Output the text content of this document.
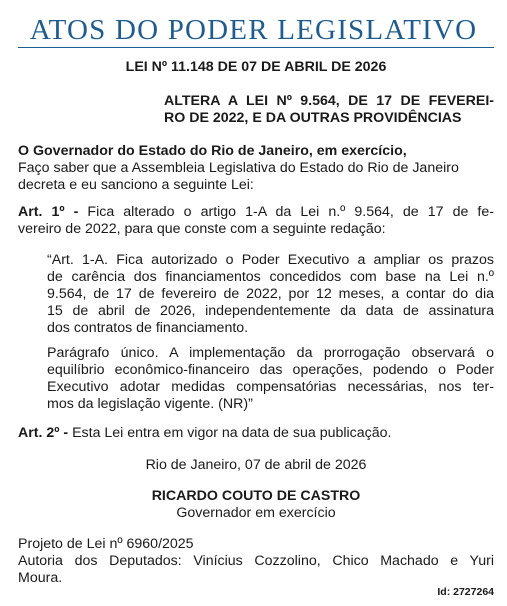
ATOS DO PODER LEGISLATIVO
LEI Nº 11.148 DE 07 DE ABRIL DE 2026
ALTERA A LEI Nº 9.564, DE 17 DE FEVEREI-
RO DE 2022, E DA OUTRAS PROVIDÊNCIAS
O Governador do Estado do Rio de Janeiro, em exercício,
Faço saber que a Assembleia Legislativa do Estado do Rio de Janeiro
decreta e eu sanciono a seguinte Lei:
Art. 1º - Fica alterado o artigo 1-A da Lei n.º 9.564, de 17 de fe-
vereiro de 2022, para que conste com a seguinte redação:
“Art. 1-A. Fica autorizado o Poder Executivo a ampliar os prazos
de carência dos financiamentos concedidos com base na Lei n.º
9.564, de 17 de fevereiro de 2022, por 12 meses, a contar do dia
15 de abril de 2026, independentemente da data de assinatura
dos contratos de financiamento.
Parágrafo único. A implementação da prorrogação observará o
equilíbrio econômico-financeiro das operações, podendo o Poder
Executivo adotar medidas compensatórias necessárias, nos ter-
mos da legislação vigente. (NR)”
Art. 2º - Esta Lei entra em vigor na data de sua publicação.
Rio de Janeiro, 07 de abril de 2026
RICARDO COUTO DE CASTRO
Governador em exercício
Projeto de Lei nº 6960/2025
Autoria dos Deputados: Vinícius Cozzolino, Chico Machado e Yuri
Moura.
Id: 2727264
